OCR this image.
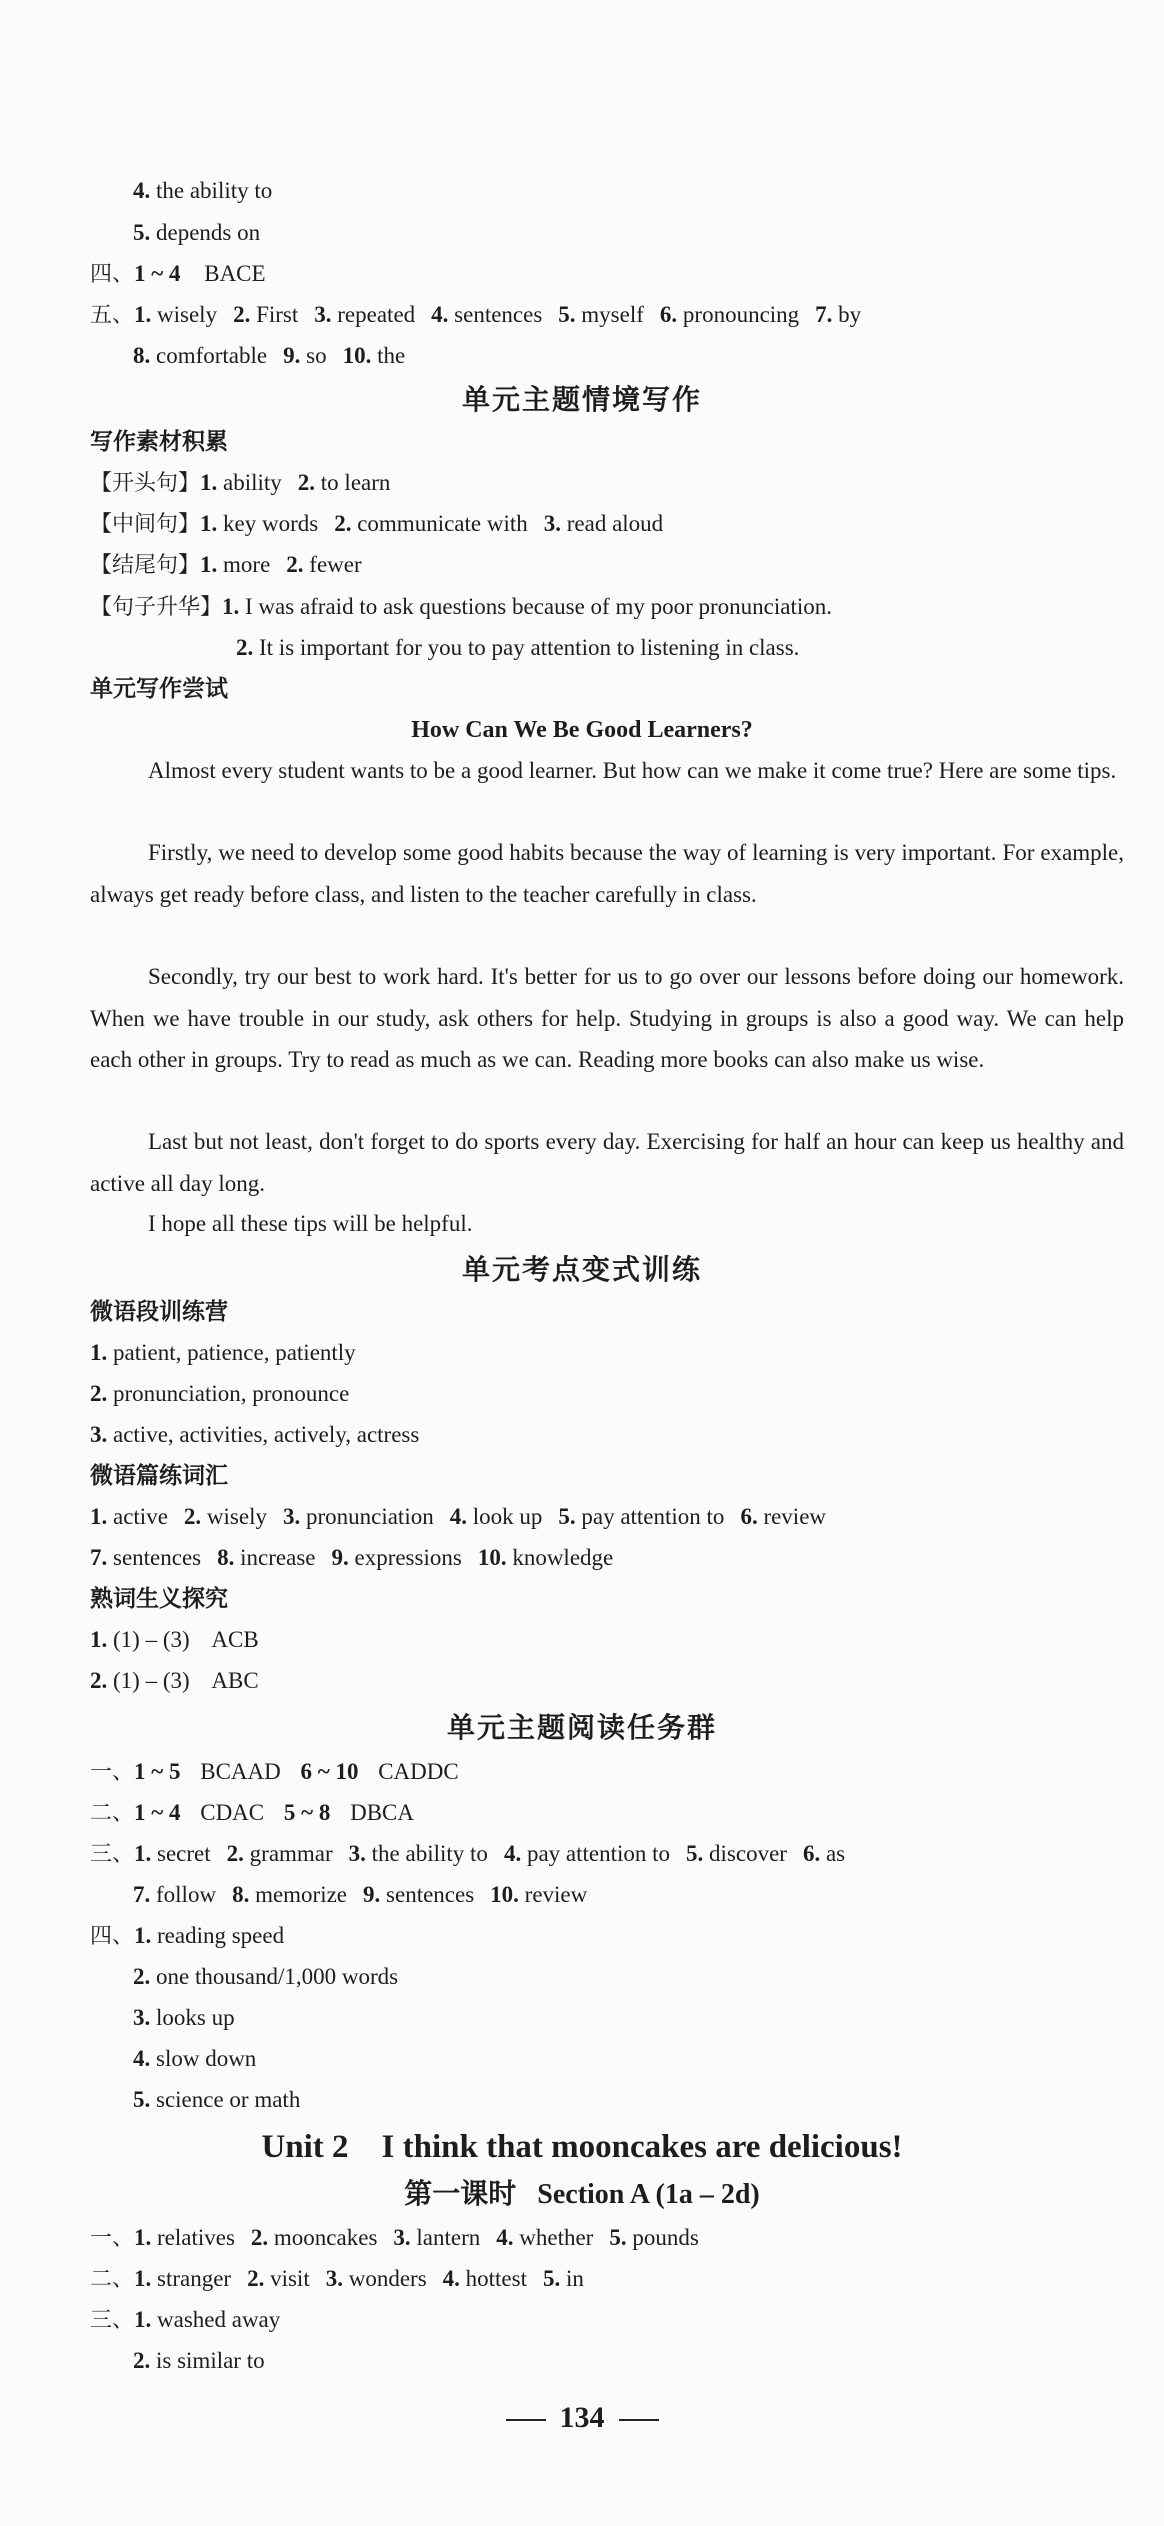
4. the ability to
5. depends on
四、1 ~ 4 BACE
五、1. wisely 2. First 3. repeated 4. sentences 5. myself 6. pronouncing 7. by
8. comfortable 9. so 10. the
单元主题情境写作
写作素材积累
【开头句】1. ability 2. to learn
【中间句】1. key words 2. communicate with 3. read aloud
【结尾句】1. more 2. fewer
【句子升华】1. I was afraid to ask questions because of my poor pronunciation.
2. It is important for you to pay attention to listening in class.
单元写作尝试
How Can We Be Good Learners?
Almost every student wants to be a good learner. But how can we make it come true? Here are some tips.
Firstly, we need to develop some good habits because the way of learning is very important. For example, always get ready before class, and listen to the teacher carefully in class.
Secondly, try our best to work hard. It's better for us to go over our lessons before doing our homework. When we have trouble in our study, ask others for help. Studying in groups is also a good way. We can help each other in groups. Try to read as much as we can. Reading more books can also make us wise.
Last but not least, don't forget to do sports every day. Exercising for half an hour can keep us healthy and active all day long.
I hope all these tips will be helpful.
单元考点变式训练
微语段训练营
1. patient, patience, patiently
2. pronunciation, pronounce
3. active, activities, actively, actress
微语篇练词汇
1. active 2. wisely 3. pronunciation 4. look up 5. pay attention to 6. review
7. sentences 8. increase 9. expressions 10. knowledge
熟词生义探究
1. (1) – (3) ACB
2. (1) – (3) ABC
单元主题阅读任务群
一、1 ~ 5 BCAAD 6 ~ 10 CADDC
二、1 ~ 4 CDAC 5 ~ 8 DBCA
三、1. secret 2. grammar 3. the ability to 4. pay attention to 5. discover 6. as
7. follow 8. memorize 9. sentences 10. review
四、1. reading speed
2. one thousand/1,000 words
3. looks up
4. slow down
5. science or math
Unit 2    I think that mooncakes are delicious!
第一课时 Section A (1a – 2d)
一、1. relatives 2. mooncakes 3. lantern 4. whether 5. pounds
二、1. stranger 2. visit 3. wonders 4. hottest 5. in
三、1. washed away
2. is similar to
134
